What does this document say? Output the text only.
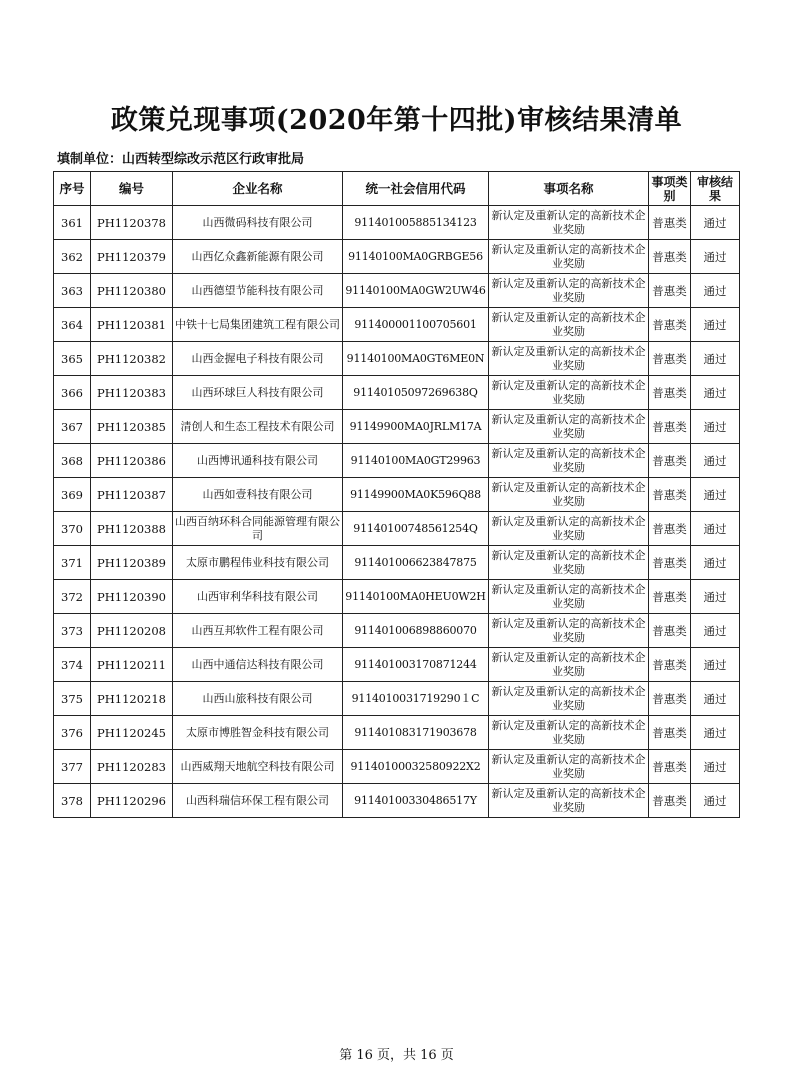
政策兑现事项(2020年第十四批)审核结果清单
填制单位：山西转型综改示范区行政审批局
序号	编号	企业名称	统一社会信用代码	事项名称	事项类别	审核结果
361	PH1120378	山西微码科技有限公司	911401005885134123	新认定及重新认定的高新技术企业奖励	普惠类	通过
362	PH1120379	山西亿众鑫新能源有限公司	91140100MA0GRBGE56	新认定及重新认定的高新技术企业奖励	普惠类	通过
363	PH1120380	山西德望节能科技有限公司	91140100MA0GW2UW46	新认定及重新认定的高新技术企业奖励	普惠类	通过
364	PH1120381	中铁十七局集团建筑工程有限公司	911400001100705601	新认定及重新认定的高新技术企业奖励	普惠类	通过
365	PH1120382	山西金握电子科技有限公司	91140100MA0GT6ME0N	新认定及重新认定的高新技术企业奖励	普惠类	通过
366	PH1120383	山西环球巨人科技有限公司	91140105097269638Q	新认定及重新认定的高新技术企业奖励	普惠类	通过
367	PH1120385	清创人和生态工程技术有限公司	91149900MA0JRLM17A	新认定及重新认定的高新技术企业奖励	普惠类	通过
368	PH1120386	山西博讯通科技有限公司	91140100MA0GT29963	新认定及重新认定的高新技术企业奖励	普惠类	通过
369	PH1120387	山西如壹科技有限公司	91149900MA0K596Q88	新认定及重新认定的高新技术企业奖励	普惠类	通过
370	PH1120388	山西百纳环科合同能源管理有限公司	91140100748561254Q	新认定及重新认定的高新技术企业奖励	普惠类	通过
371	PH1120389	太原市鹏程伟业科技有限公司	911401006623847875	新认定及重新认定的高新技术企业奖励	普惠类	通过
372	PH1120390	山西审利华科技有限公司	91140100MA0HEU0W2H	新认定及重新认定的高新技术企业奖励	普惠类	通过
373	PH1120208	山西互邦软件工程有限公司	911401006898860070	新认定及重新认定的高新技术企业奖励	普惠类	通过
374	PH1120211	山西中通信达科技有限公司	911401003170871244	新认定及重新认定的高新技术企业奖励	普惠类	通过
375	PH1120218	山西山旅科技有限公司	9114010031719290１C	新认定及重新认定的高新技术企业奖励	普惠类	通过
376	PH1120245	太原市博胜智金科技有限公司	911401083171903678	新认定及重新认定的高新技术企业奖励	普惠类	通过
377	PH1120283	山西威翔天地航空科技有限公司	91140100032580922X2	新认定及重新认定的高新技术企业奖励	普惠类	通过
378	PH1120296	山西科瑞信环保工程有限公司	91140100330486517Y	新认定及重新认定的高新技术企业奖励	普惠类	通过
第 16 页，共 16 页
